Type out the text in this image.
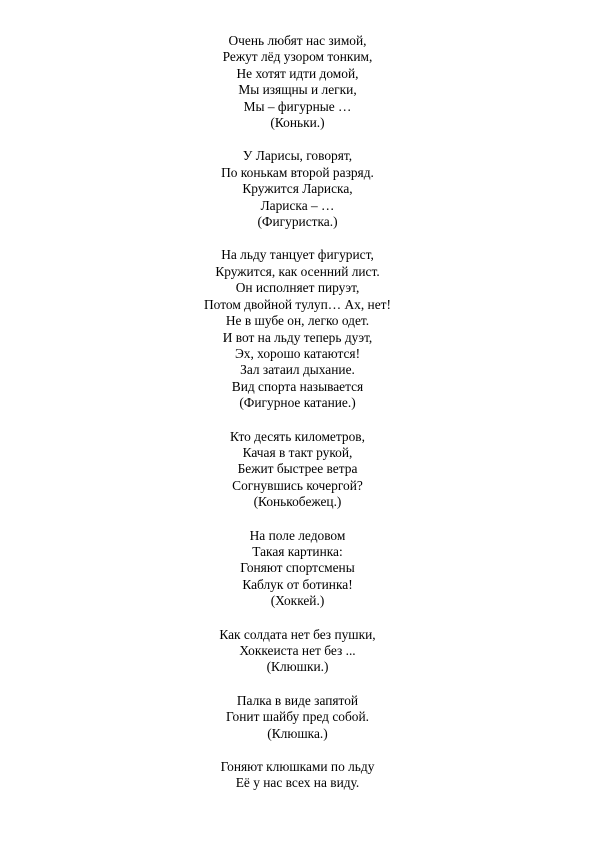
Очень любят нас зимой,
Режут лёд узором тонким,
Не хотят идти домой,
Мы изящны и легки,
Мы – фигурные …
(Коньки.)
У Ларисы, говорят,
По конькам второй разряд.
Кружится Лариска,
Лариска – …
(Фигуристка.)
На льду танцует фигурист,
Кружится, как осенний лист.
Он исполняет пируэт,
Потом двойной тулуп… Ах, нет!
Не в шубе он, легко одет.
И вот на льду теперь дуэт,
Эх, хорошо катаются!
Зал затаил дыхание.
Вид спорта называется
(Фигурное катание.)
Кто десять километров,
Качая в такт рукой,
Бежит быстрее ветра
Согнувшись кочергой?
(Конькобежец.)
На поле ледовом
Такая картинка:
Гоняют спортсмены
Каблук от ботинка!
(Хоккей.)
Как солдата нет без пушки,
Хоккеиста нет без ...
(Клюшки.)
Палка в виде запятой
Гонит шайбу пред собой.
(Клюшка.)
Гоняют клюшками по льду
Её у нас всех на виду.
